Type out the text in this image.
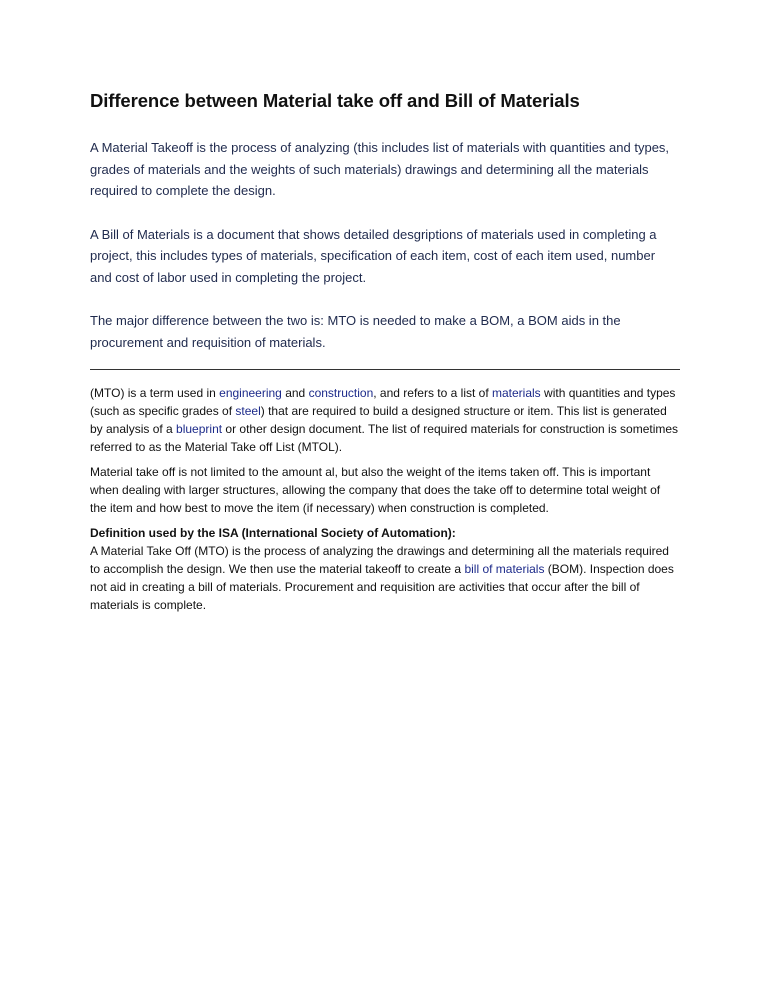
Difference between Material take off and Bill of Materials

A Material Takeoff is the process of analyzing (this includes list of materials with quantities and types, grades of materials and the weights of such materials) drawings and determining all the materials required to complete the design.

A Bill of Materials is a document that shows detailed desgriptions of materials used in completing a project, this includes types of materials, specification of each item, cost of each item used, number and cost of labor used in completing the project.

The major difference between the two is: MTO is needed to make a BOM, a BOM aids in the procurement and requisition of materials.

(MTO) is a term used in engineering and construction, and refers to a list of materials with quantities and types (such as specific grades of steel) that are required to build a designed structure or item. This list is generated by analysis of a blueprint or other design document. The list of required materials for construction is sometimes referred to as the Material Take off List (MTOL).

Material take off is not limited to the amount al, but also the weight of the items taken off. This is important when dealing with larger structures, allowing the company that does the take off to determine total weight of the item and how best to move the item (if necessary) when construction is completed.

Definition used by the ISA (International Society of Automation):
A Material Take Off (MTO) is the process of analyzing the drawings and determining all the materials required to accomplish the design. We then use the material takeoff to create a bill of materials (BOM). Inspection does not aid in creating a bill of materials. Procurement and requisition are activities that occur after the bill of materials is complete.
